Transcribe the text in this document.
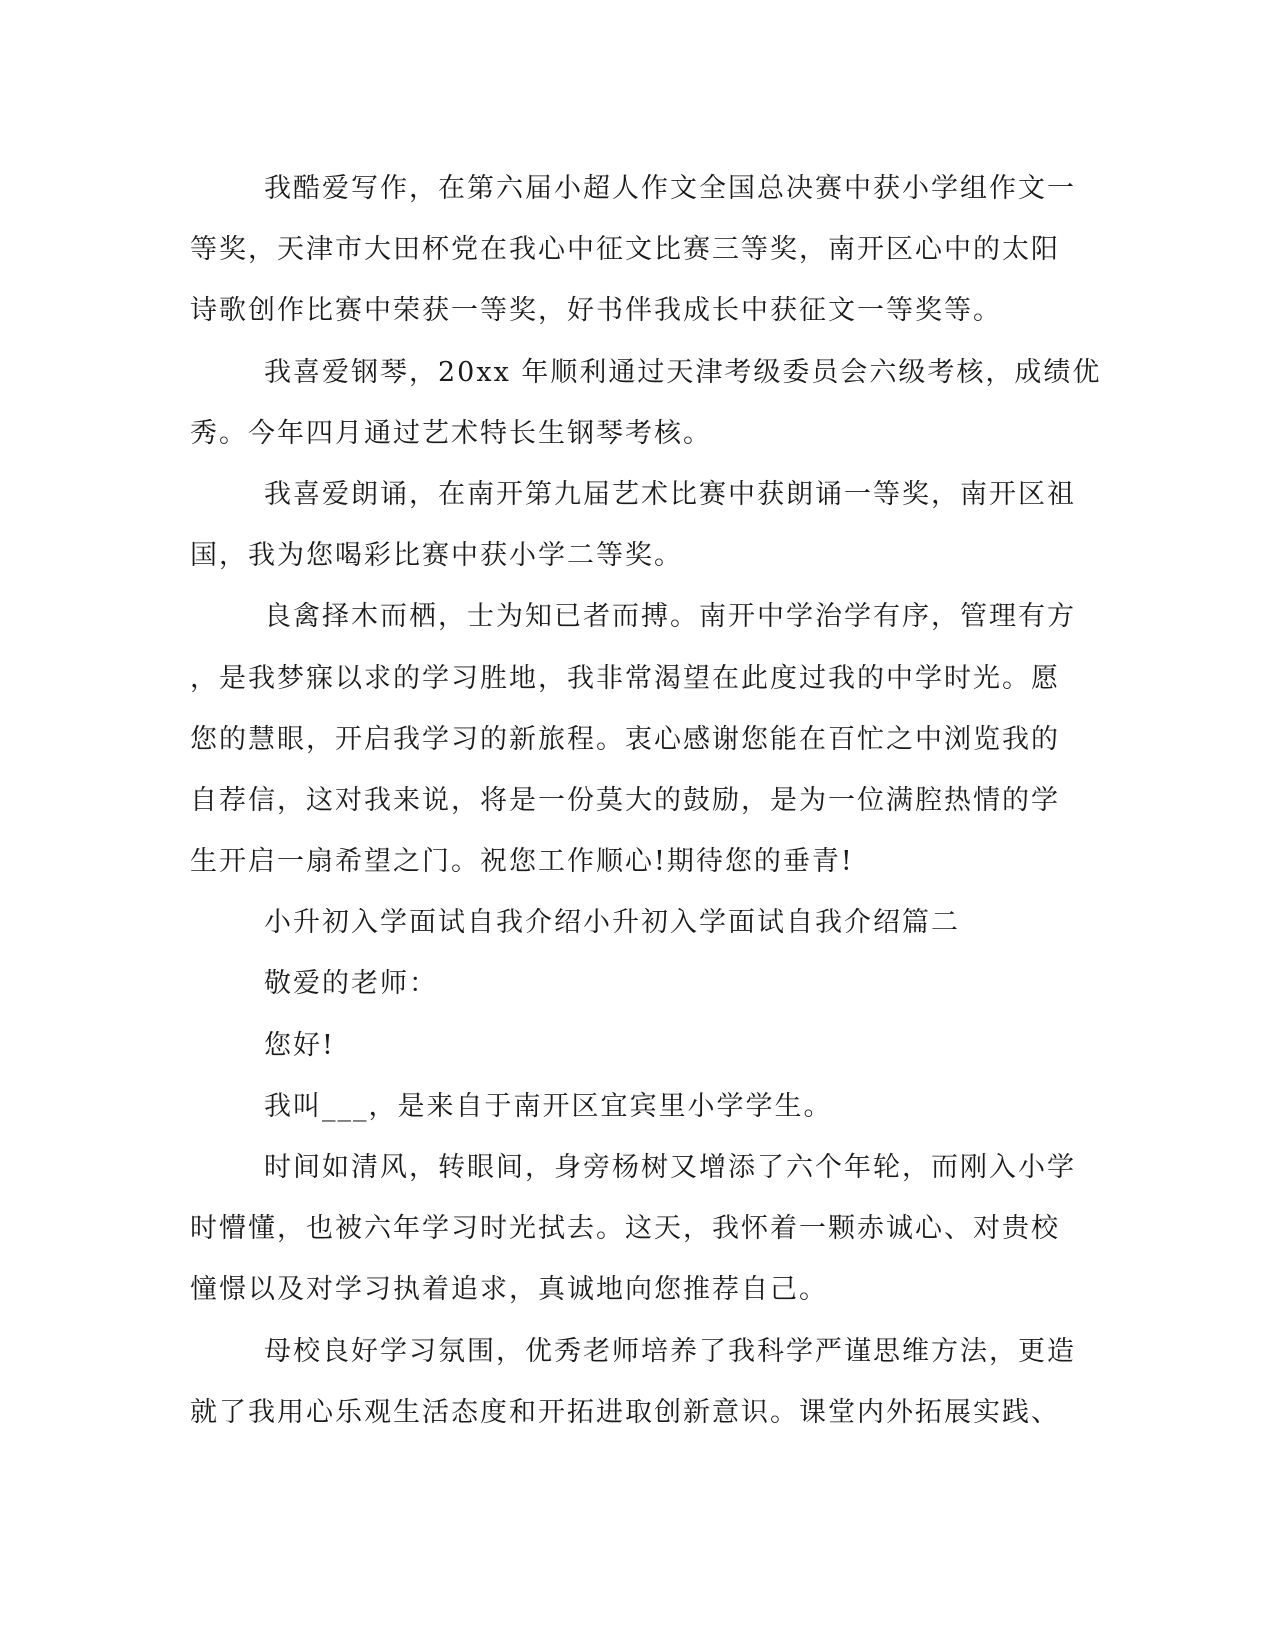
我酷爱写作，在第六届小超人作文全国总决赛中获小学组作文一
等奖，天津市大田杯党在我心中征文比赛三等奖，南开区心中的太阳
诗歌创作比赛中荣获一等奖，好书伴我成长中获征文一等奖等。
我喜爱钢琴，20xx 年顺利通过天津考级委员会六级考核，成绩优
秀。今年四月通过艺术特长生钢琴考核。
我喜爱朗诵，在南开第九届艺术比赛中获朗诵一等奖，南开区祖
国，我为您喝彩比赛中获小学二等奖。
良禽择木而栖，士为知已者而搏。南开中学治学有序，管理有方
，是我梦寐以求的学习胜地，我非常渴望在此度过我的中学时光。愿
您的慧眼，开启我学习的新旅程。衷心感谢您能在百忙之中浏览我的
自荐信，这对我来说，将是一份莫大的鼓励，是为一位满腔热情的学
生开启一扇希望之门。祝您工作顺心!期待您的垂青!
小升初入学面试自我介绍小升初入学面试自我介绍篇二
敬爱的老师：
您好!
我叫___，是来自于南开区宜宾里小学学生。
时间如清风，转眼间，身旁杨树又增添了六个年轮，而刚入小学
时懵懂，也被六年学习时光拭去。这天，我怀着一颗赤诚心、对贵校
憧憬以及对学习执着追求，真诚地向您推荐自己。
母校良好学习氛围，优秀老师培养了我科学严谨思维方法，更造
就了我用心乐观生活态度和开拓进取创新意识。课堂内外拓展实践、
